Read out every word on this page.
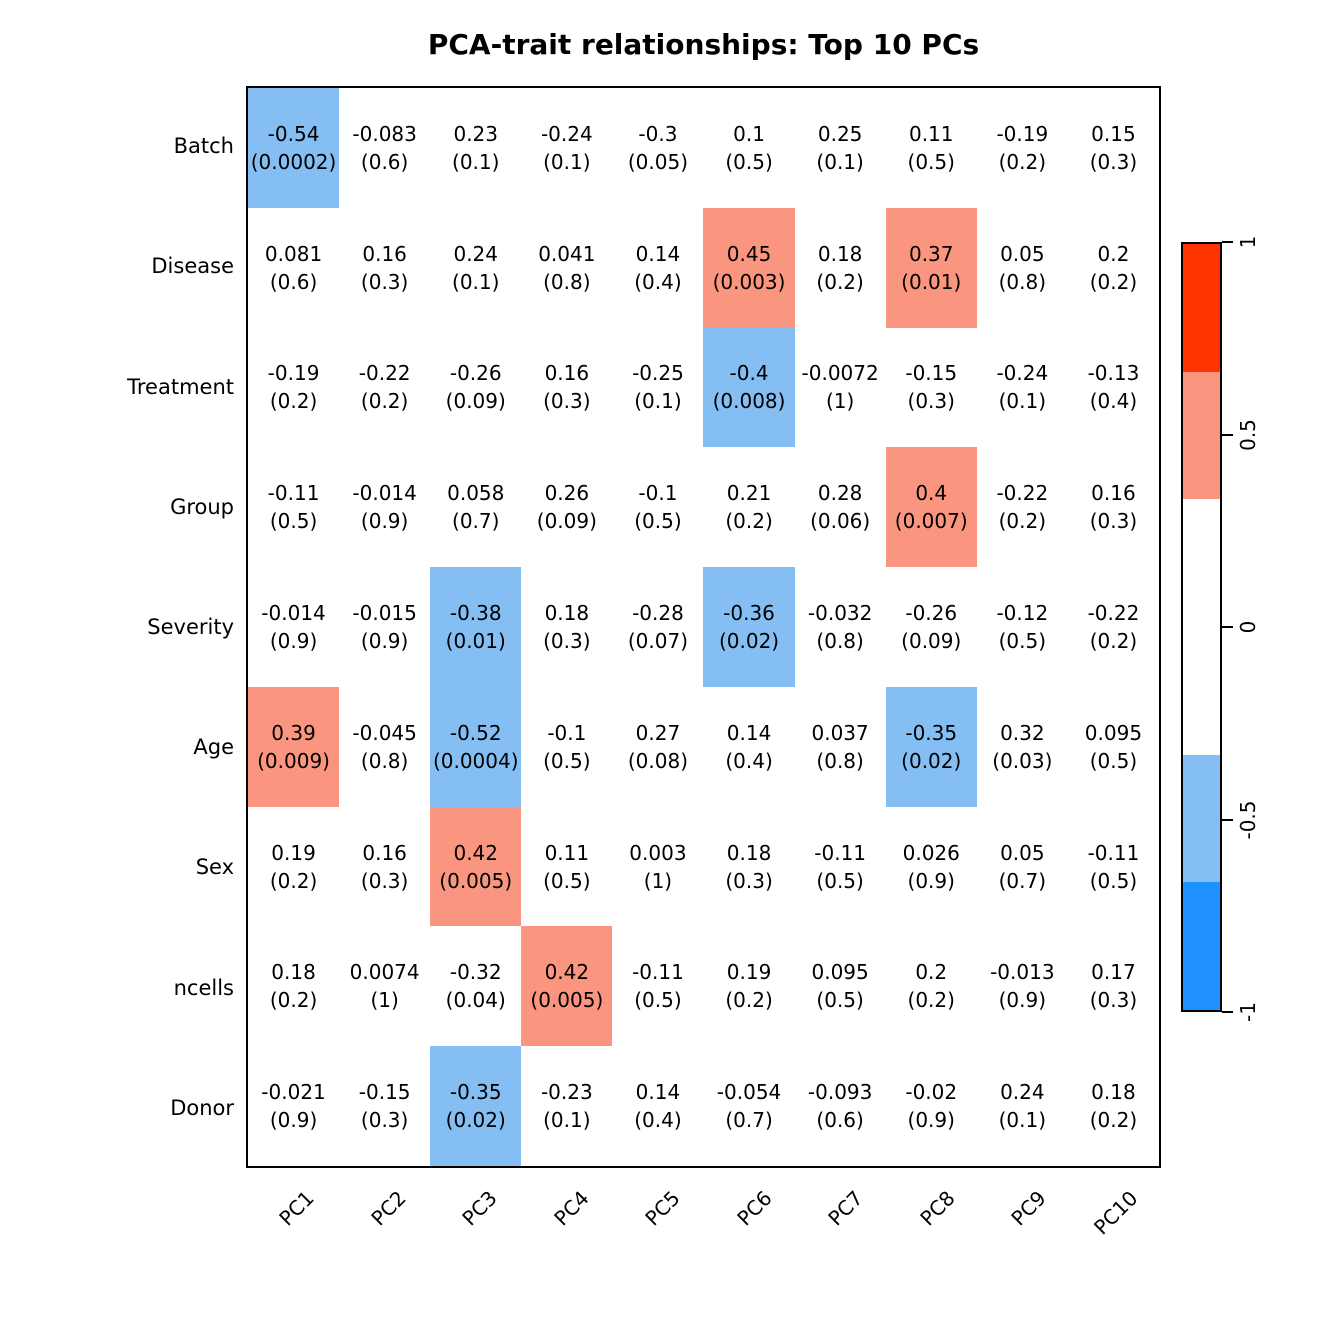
PCA-trait relationships: Top 10 PCs
Batch
Disease
Treatment
Group
Severity
Age
Sex
ncells
Donor
-0.54
(0.0002)
-0.083
(0.6)
0.23
(0.1)
-0.24
(0.1)
-0.3
(0.05)
0.1
(0.5)
0.25
(0.1)
0.11
(0.5)
-0.19
(0.2)
0.15
(0.3)
0.081
(0.6)
0.16
(0.3)
0.24
(0.1)
0.041
(0.8)
0.14
(0.4)
0.45
(0.003)
0.18
(0.2)
0.37
(0.01)
0.05
(0.8)
0.2
(0.2)
-0.19
(0.2)
-0.22
(0.2)
-0.26
(0.09)
0.16
(0.3)
-0.25
(0.1)
-0.4
(0.008)
-0.0072
(1)
-0.15
(0.3)
-0.24
(0.1)
-0.13
(0.4)
-0.11
(0.5)
-0.014
(0.9)
0.058
(0.7)
0.26
(0.09)
-0.1
(0.5)
0.21
(0.2)
0.28
(0.06)
0.4
(0.007)
-0.22
(0.2)
0.16
(0.3)
-0.014
(0.9)
-0.015
(0.9)
-0.38
(0.01)
0.18
(0.3)
-0.28
(0.07)
-0.36
(0.02)
-0.032
(0.8)
-0.26
(0.09)
-0.12
(0.5)
-0.22
(0.2)
0.39
(0.009)
-0.045
(0.8)
-0.52
(0.0004)
-0.1
(0.5)
0.27
(0.08)
0.14
(0.4)
0.037
(0.8)
-0.35
(0.02)
0.32
(0.03)
0.095
(0.5)
0.19
(0.2)
0.16
(0.3)
0.42
(0.005)
0.11
(0.5)
0.003
(1)
0.18
(0.3)
-0.11
(0.5)
0.026
(0.9)
0.05
(0.7)
-0.11
(0.5)
0.18
(0.2)
0.0074
(1)
-0.32
(0.04)
0.42
(0.005)
-0.11
(0.5)
0.19
(0.2)
0.095
(0.5)
0.2
(0.2)
-0.013
(0.9)
0.17
(0.3)
-0.021
(0.9)
-0.15
(0.3)
-0.35
(0.02)
-0.23
(0.1)
0.14
(0.4)
-0.054
(0.7)
-0.093
(0.6)
-0.02
(0.9)
0.24
(0.1)
0.18
(0.2)
PC1 PC2 PC3 PC4 PC5 PC6 PC7 PC8 PC9 PC10
1
0.5
0
-0.5
-1
